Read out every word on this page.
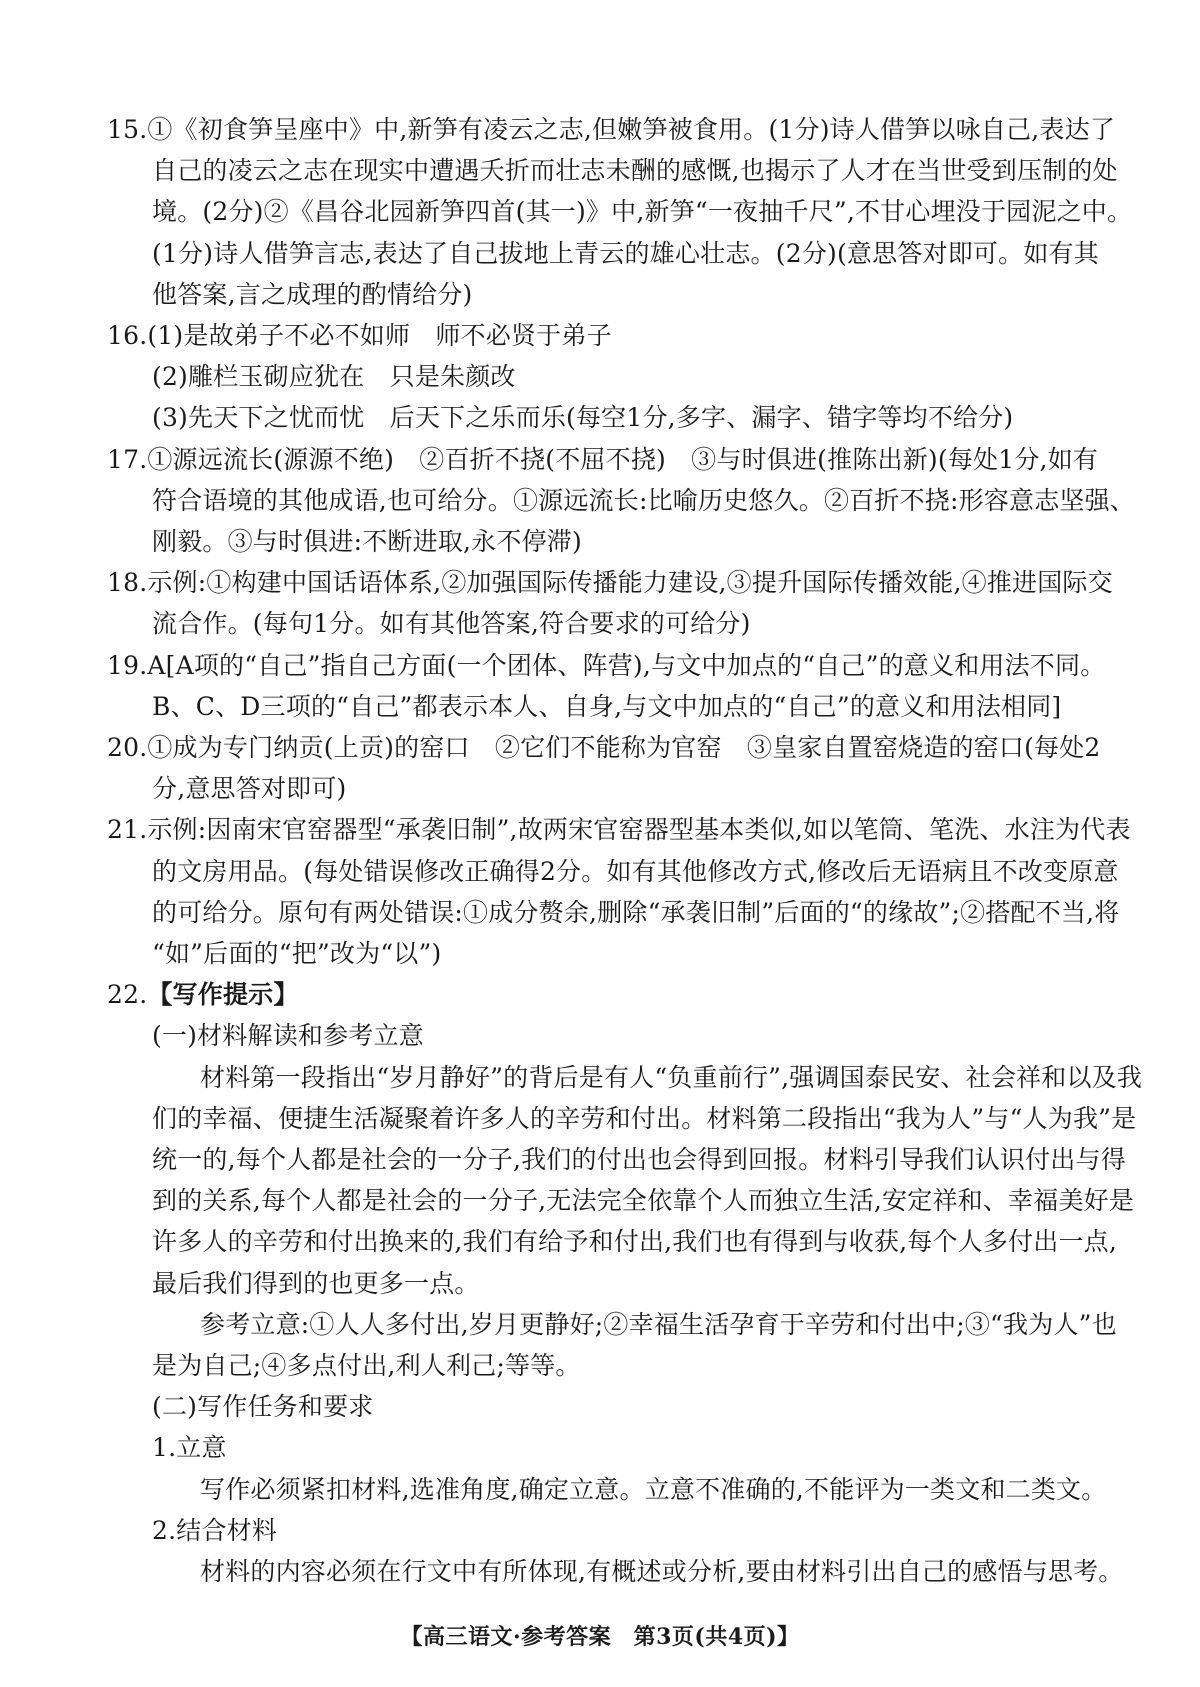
15.①《初食笋呈座中》中,新笋有凌云之志,但嫩笋被食用。(1分)诗人借笋以咏自己,表达了
自己的凌云之志在现实中遭遇夭折而壮志未酬的感慨,也揭示了人才在当世受到压制的处
境。(2分)②《昌谷北园新笋四首(其一)》中,新笋“一夜抽千尺”,不甘心埋没于园泥之中。
(1分)诗人借笋言志,表达了自己拔地上青云的雄心壮志。(2分)(意思答对即可。如有其
他答案,言之成理的酌情给分)
16.(1)是故弟子不必不如师　师不必贤于弟子
(2)雕栏玉砌应犹在　只是朱颜改
(3)先天下之忧而忧　后天下之乐而乐(每空1分,多字、漏字、错字等均不给分)
17.①源远流长(源源不绝)　②百折不挠(不屈不挠)　③与时俱进(推陈出新)(每处1分,如有
符合语境的其他成语,也可给分。①源远流长:比喻历史悠久。②百折不挠:形容意志坚强、
刚毅。③与时俱进:不断进取,永不停滞)
18.示例:①构建中国话语体系,②加强国际传播能力建设,③提升国际传播效能,④推进国际交
流合作。(每句1分。如有其他答案,符合要求的可给分)
19.A[A项的“自己”指自己方面(一个团体、阵营),与文中加点的“自己”的意义和用法不同。
B、C、D三项的“自己”都表示本人、自身,与文中加点的“自己”的意义和用法相同]
20.①成为专门纳贡(上贡)的窑口　②它们不能称为官窑　③皇家自置窑烧造的窑口(每处2
分,意思答对即可)
21.示例:因南宋官窑器型“承袭旧制”,故两宋官窑器型基本类似,如以笔筒、笔洗、水注为代表
的文房用品。(每处错误修改正确得2分。如有其他修改方式,修改后无语病且不改变原意
的可给分。原句有两处错误:①成分赘余,删除“承袭旧制”后面的“的缘故”;②搭配不当,将
“如”后面的“把”改为“以”)
22.【写作提示】
(一)材料解读和参考立意
材料第一段指出“岁月静好”的背后是有人“负重前行”,强调国泰民安、社会祥和以及我
们的幸福、便捷生活凝聚着许多人的辛劳和付出。材料第二段指出“我为人”与“人为我”是
统一的,每个人都是社会的一分子,我们的付出也会得到回报。材料引导我们认识付出与得
到的关系,每个人都是社会的一分子,无法完全依靠个人而独立生活,安定祥和、幸福美好是
许多人的辛劳和付出换来的,我们有给予和付出,我们也有得到与收获,每个人多付出一点,
最后我们得到的也更多一点。
参考立意:①人人多付出,岁月更静好;②幸福生活孕育于辛劳和付出中;③“我为人”也
是为自己;④多点付出,利人利己;等等。
(二)写作任务和要求
1.立意
写作必须紧扣材料,选准角度,确定立意。立意不准确的,不能评为一类文和二类文。
2.结合材料
材料的内容必须在行文中有所体现,有概述或分析,要由材料引出自己的感悟与思考。
【高三语文·参考答案　第3页(共4页)】
